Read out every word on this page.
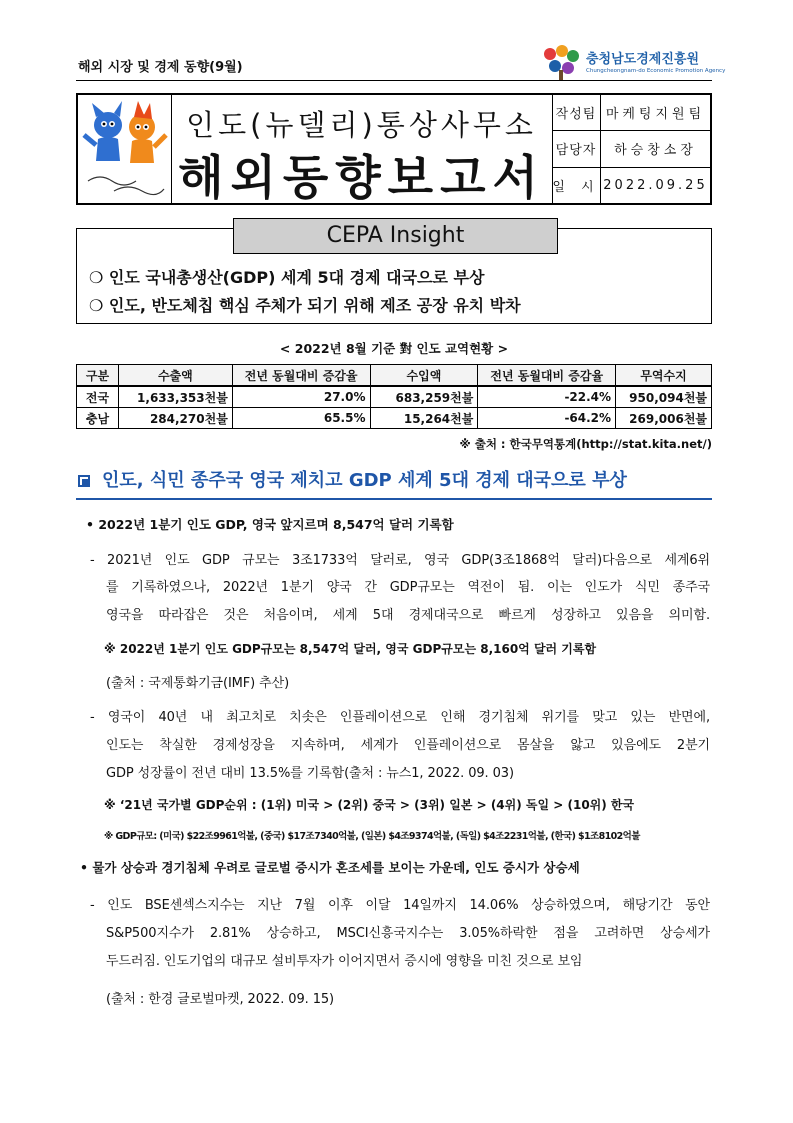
해외 시장 및 경제 동향(9월)
충청남도경제진흥원
Chungcheongnam-do Economic Promotion Agency
인도(뉴델리)통상사무소
해외동향보고서
작성팀	마케팅지원팀
담당자	하승창소장
일 시	2022.09.25
❍ 인도 국내총생산(GDP) 세계 5대 경제 대국으로 부상
❍ 인도, 반도체칩 핵심 주체가 되기 위해 제조 공장 유치 박차
CEPA Insight
< 2022년 8월 기준 對 인도 교역현황 >
구분	수출액	전년 동월대비 증감율	수입액	전년 동월대비 증감율	무역수지
전국	1,633,353천불	27.0%	683,259천불	-22.4%	950,094천불
충남	284,270천불	65.5%	15,264천불	-64.2%	269,006천불
※ 출처 : 한국무역통계(http://stat.kita.net/)
인도, 식민 종주국 영국 제치고 GDP 세계 5대 경제 대국으로 부상
• 2022년 1분기 인도 GDP, 영국 앞지르며 8,547억 달러 기록함
- 2021년 인도 GDP 규모는 3조1733억 달러로, 영국 GDP(3조1868억 달러)다음으로 세계6위
를 기록하였으나, 2022년 1분기 양국 간 GDP규모는 역전이 됨. 이는 인도가 식민 종주국
영국을 따라잡은 것은 처음이며, 세계 5대 경제대국으로 빠르게 성장하고 있음을 의미함.
※ 2022년 1분기 인도 GDP규모는 8,547억 달러, 영국 GDP규모는 8,160억 달러 기록함
(출처 : 국제통화기금(IMF) 추산)
- 영국이 40년 내 최고치로 치솟은 인플레이션으로 인해 경기침체 위기를 맞고 있는 반면에,
인도는 착실한 경제성장을 지속하며, 세계가 인플레이션으로 몸살을 앓고 있음에도 2분기
GDP 성장률이 전년 대비 13.5%를 기록함(출처 : 뉴스1, 2022. 09. 03)
※ ‘21년 국가별 GDP순위 : (1위) 미국 > (2위) 중국 > (3위) 일본 > (4위) 독일 > (10위) 한국
※ GDP규모: (미국) $22조9961억불, (중국) $17조7340억불, (일본) $4조9374억불, (독일) $4조2231억불, (한국) $1조8102억불
• 물가 상승과 경기침체 우려로 글로벌 증시가 혼조세를 보이는 가운데, 인도 증시가 상승세
- 인도 BSE센섹스지수는 지난 7월 이후 이달 14일까지 14.06% 상승하였으며, 해당기간 동안
S&P500지수가 2.81% 상승하고, MSCI신흥국지수는 3.05%하락한 점을 고려하면 상승세가
두드러짐. 인도기업의 대규모 설비투자가 이어지면서 증시에 영향을 미친 것으로 보임
(출처 : 한경 글로벌마켓, 2022. 09. 15)
